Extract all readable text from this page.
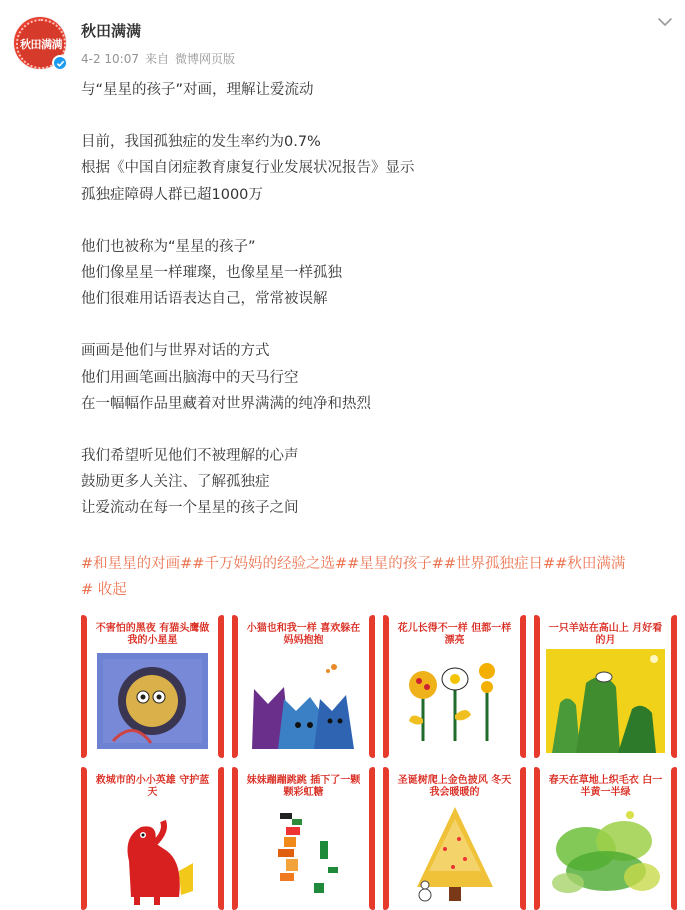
秋田满满
秋田满满
4-2 10:07 来自 微博网页版

与“星星的孩子”对画，理解让爱流动

目前，我国孤独症的发生率约为0.7%

根据《中国自闭症教育康复行业发展状况报告》显示

孤独症障碍人群已超1000万

他们也被称为“星星的孩子”

他们像星星一样璀璨，也像星星一样孤独

他们很难用话语表达自己，常常被误解

画画是他们与世界对话的方式

他们用画笔画出脑海中的天马行空

在一幅幅作品里藏着对世界满满的纯净和热烈

我们希望听见他们不被理解的心声

鼓励更多人关注、了解孤独症

让爱流动在每一个星星的孩子之间

#和星星的对画##千万妈妈的经验之选##星星的孩子##世界孤独症日##秋田满满
# 收起
不害怕的黑夜 有猫头鹰做我的小星星
小猫也和我一样 喜欢躲在妈妈抱抱
花儿长得不一样 但都一样漂亮
一只羊站在高山上 月好看的月
救城市的小小英雄 守护蓝天
妹妹蹦蹦跳跳 插下了一颗颗彩虹糖
圣诞树爬上金色披风 冬天我会暖暖的
春天在草地上织毛衣 白一半黄一半绿
